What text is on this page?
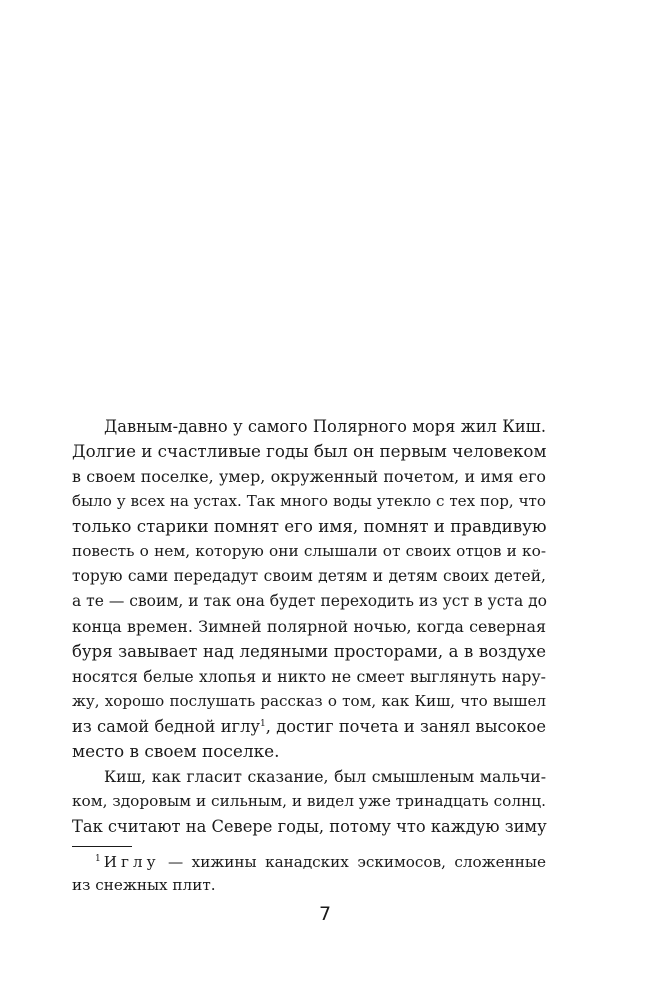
Давным-давно у самого Полярного моря жил Киш.
Долгие и счастливые годы был он первым человеком
в своем поселке, умер, окруженный почетом, и имя его
было у всех на устах. Так много воды утекло с тех пор, что
только старики помнят его имя, помнят и правдивую
повесть о нем, которую они слышали от своих отцов и ко-
торую сами передадут своим детям и детям своих детей,
а те — своим, и так она будет переходить из уст в уста до
конца времен. Зимней полярной ночью, когда северная
буря завывает над ледяными просторами, а в воздухе
носятся белые хлопья и никто не смеет выглянуть нару-
жу, хорошо послушать рассказ о том, как Киш, что вышел
из самой бедной иглу$^1$, достиг почета и занял высокое
место в своем поселке.
Киш, как гласит сказание, был смышленым мальчи-
ком, здоровым и сильным, и видел уже тринадцать солнц.
Так считают на Севере годы, потому что каждую зиму
$^1$ Иглу — хижины канадских эскимосов, сложенные
из снежных плит.
7
